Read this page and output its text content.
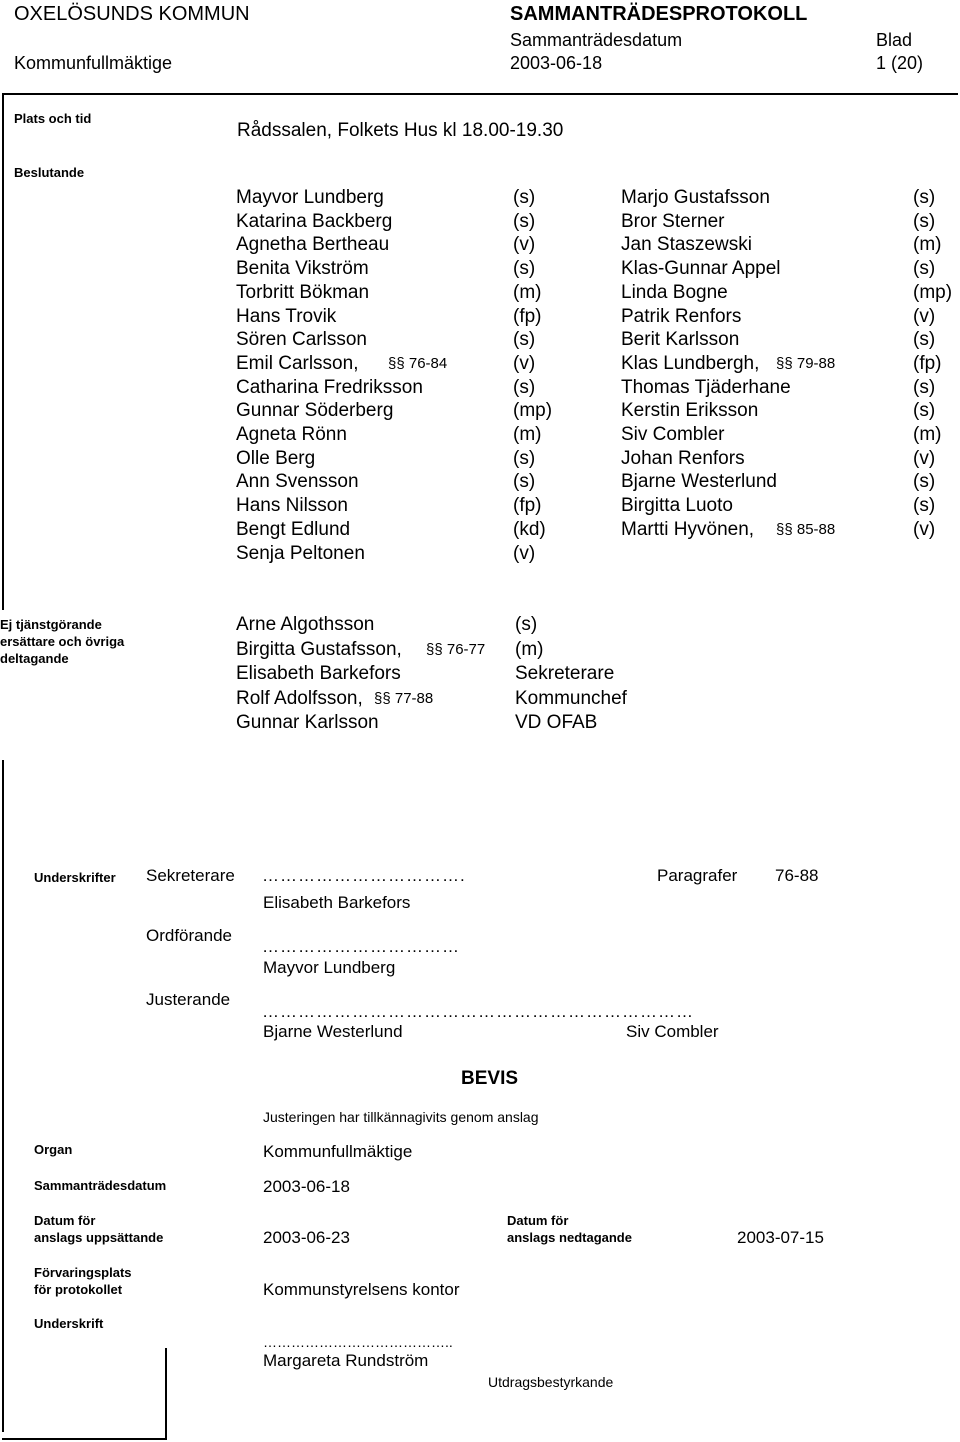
OXELÖSUNDS KOMMUN	SAMMANTRÄDESPROTOKOLL
Sammanträdesdatum	Blad
Kommunfullmäktige	2003-06-18	1 (20)
Plats och tid
Rådssalen, Folkets Hus kl 18.00-19.30
Beslutande
Mayvor Lundberg	(s)
Katarina Backberg	(s)
Agnetha Bertheau	(v)
Benita Vikström	(s)
Torbritt Bökman	(m)
Hans Trovik	(fp)
Sören Carlsson	(s)
Emil Carlsson, §§ 76-84	(v)
Catharina Fredriksson	(s)
Gunnar Söderberg	(mp)
Agneta Rönn	(m)
Olle Berg	(s)
Ann Svensson	(s)
Hans Nilsson	(fp)
Bengt Edlund	(kd)
Senja Peltonen	(v)
Marjo Gustafsson	(s)
Bror Sterner	(s)
Jan Staszewski	(m)
Klas-Gunnar Appel	(s)
Linda Bogne	(mp)
Patrik Renfors	(v)
Berit Karlsson	(s)
Klas Lundbergh, §§ 79-88	(fp)
Thomas Tjäderhane	(s)
Kerstin Eriksson	(s)
Siv Combler	(m)
Johan Renfors	(v)
Bjarne Westerlund	(s)
Birgitta Luoto	(s)
Martti Hyvönen, §§ 85-88	(v)
Ej tjänstgörande
ersättare och övriga
deltagande
Arne Algothsson	(s)
Birgitta Gustafsson, §§ 76-77 (m)
Elisabeth Barkefors	Sekreterare
Rolf Adolfsson, §§ 77-88	Kommunchef
Gunnar Karlsson	VD OFAB
Underskrifter Sekreterare …………………………….	Paragrafer 76-88
Elisabeth Barkefors
Ordförande
……………………………
Mayvor Lundberg
Justerande
………………………………………………………………
Bjarne Westerlund	Siv Combler
BEVIS
Justeringen har tillkännagivits genom anslag
Organ	Kommunfullmäktige
Sammanträdesdatum	2003-06-18
Datum för
anslags uppsättande	2003-06-23
Datum för
anslags nedtagande	2003-07-15
Förvaringsplats
för protokollet	Kommunstyrelsens kontor
Underskrift
…………………………………..
Margareta Rundström
Utdragsbestyrkande
